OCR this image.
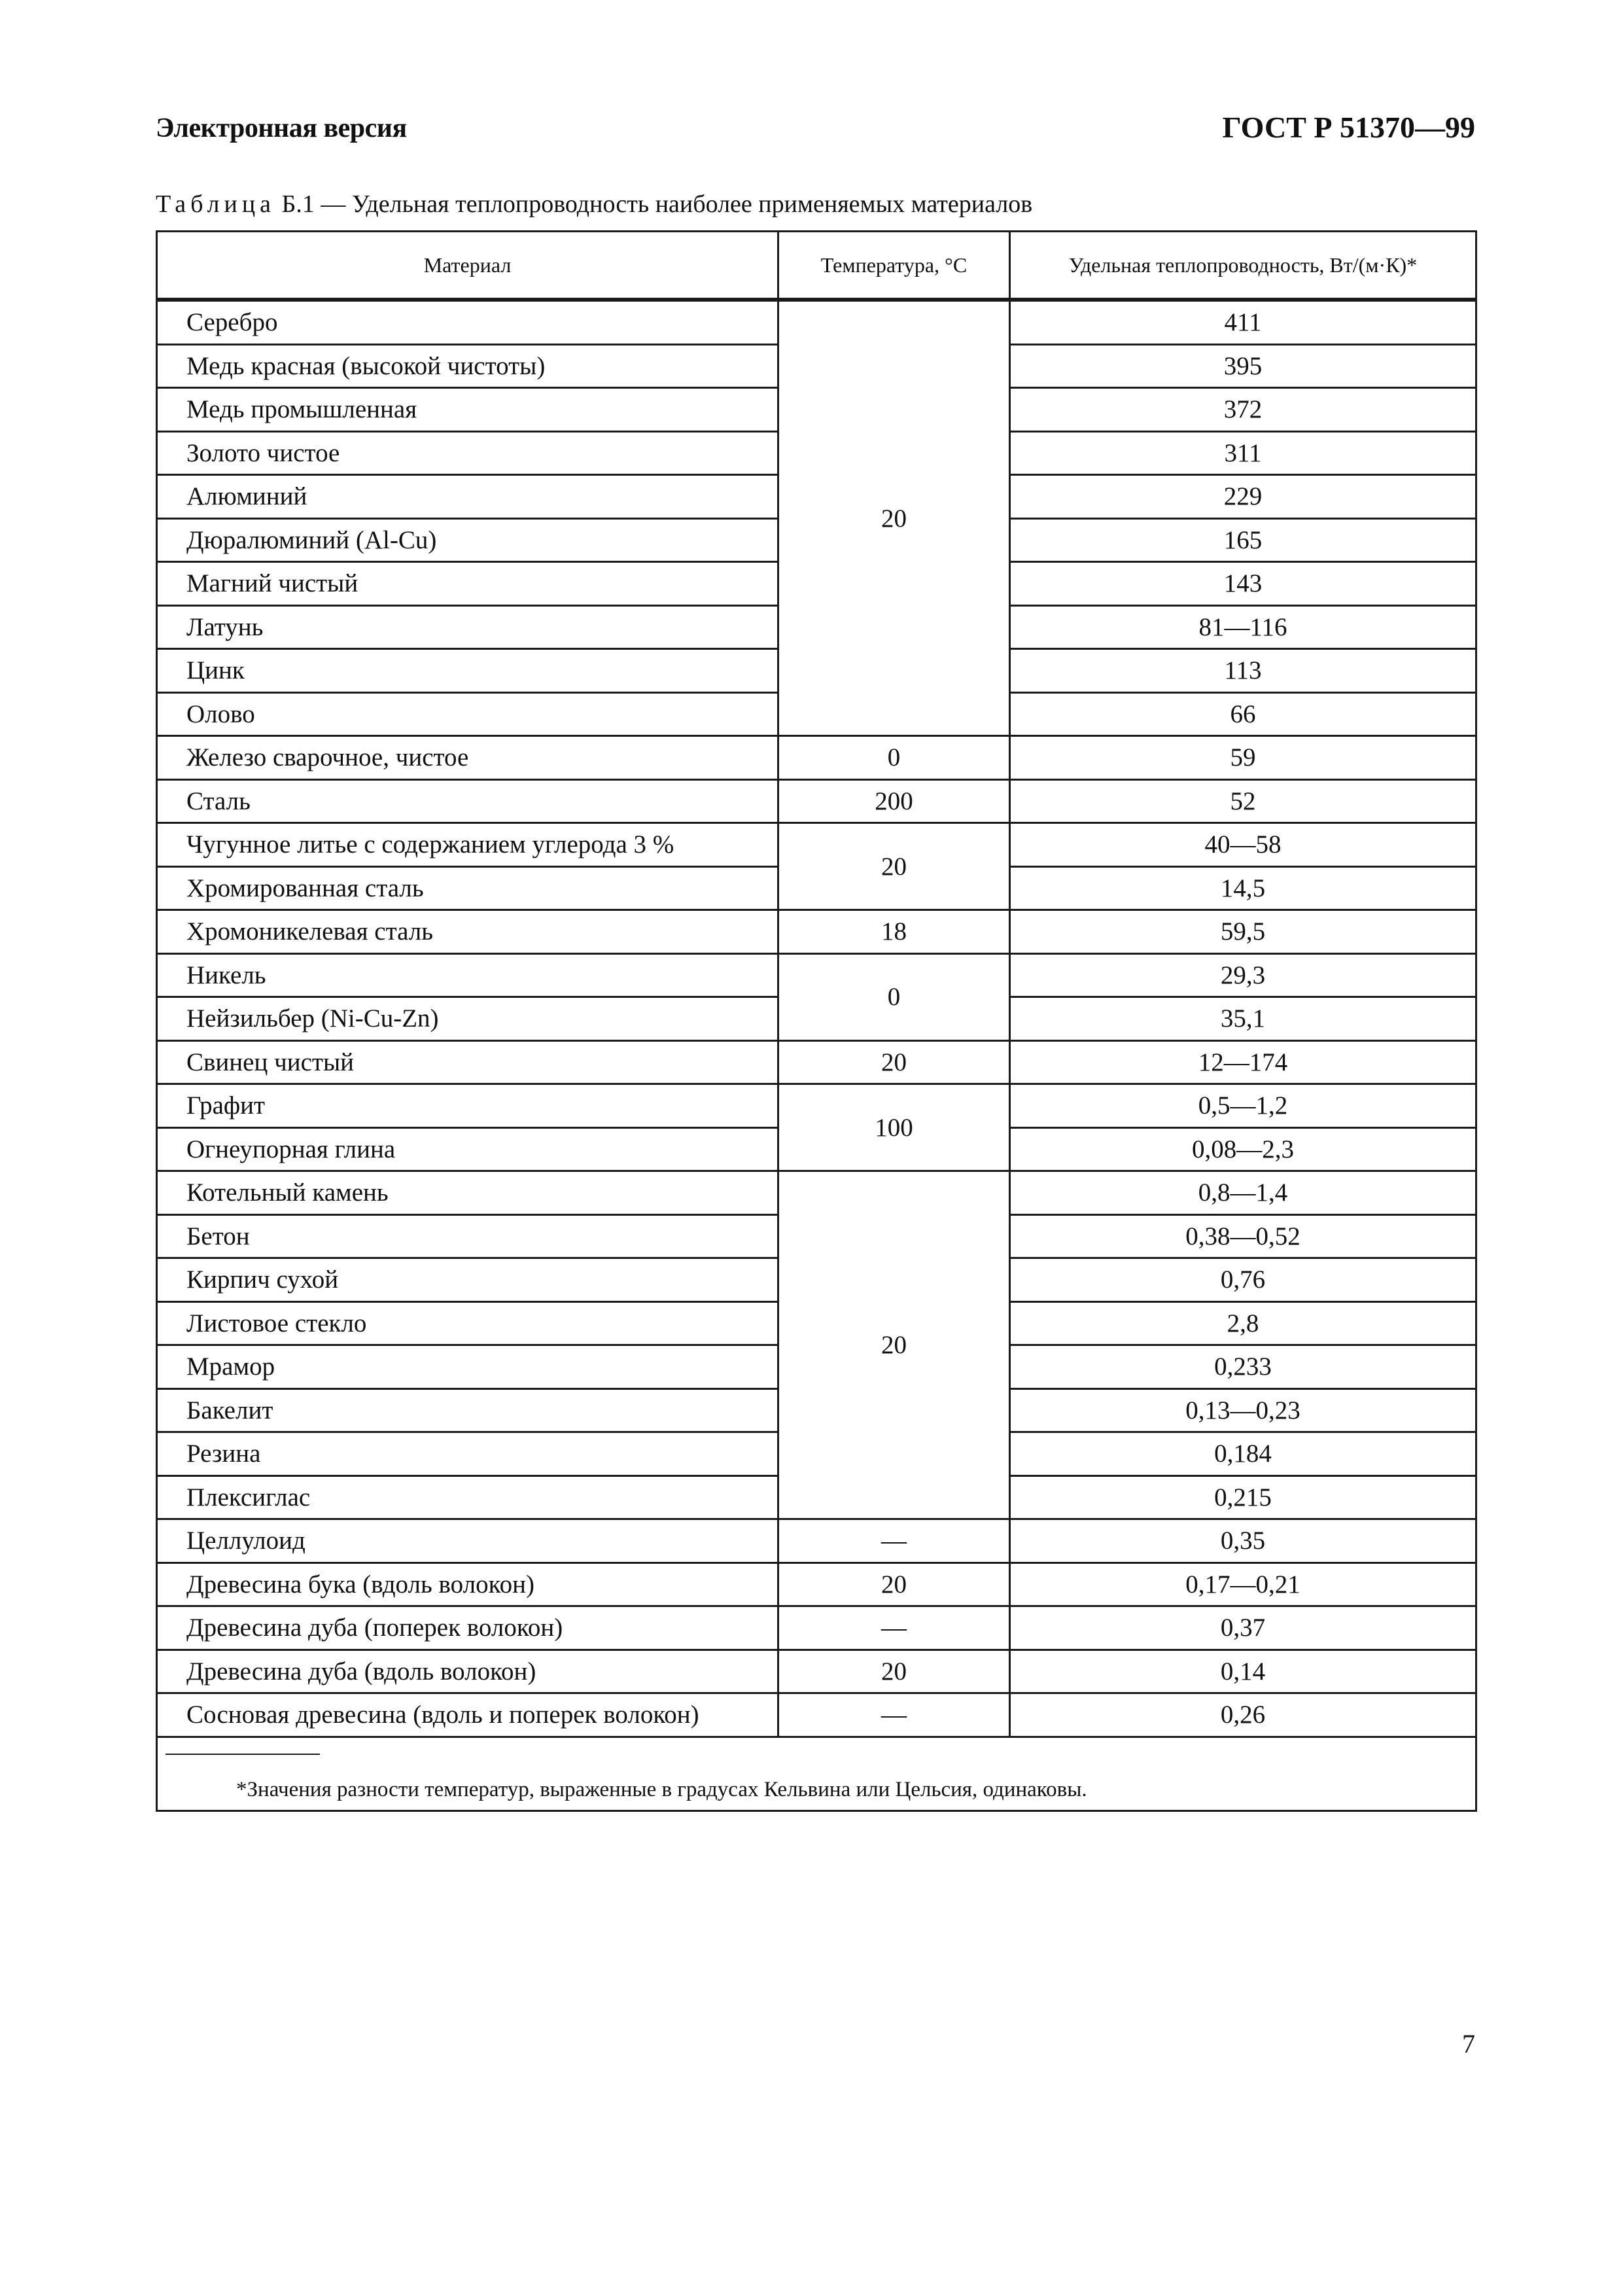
Электронная версия	ГОСТ Р 51370—99
Таблица Б.1 — Удельная теплопроводность наиболее применяемых материалов
Материал	Температура, °С	Удельная теплопроводность, Вт/(м·К)*
Серебро	20	411
Медь красная (высокой чистоты)		395
Медь промышленная		372
Золото чистое		311
Алюминий		229
Дюралюминий (Al-Cu)		165
Магний чистый		143
Латунь		81—116
Цинк		113
Олово		66
Железо сварочное, чистое	0	59
Сталь	200	52
Чугунное литье с содержанием углерода 3 %	20	40—58
Хромированная сталь		14,5
Хромоникелевая сталь	18	59,5
Никель	0	29,3
Нейзильбер (Ni-Cu-Zn)		35,1
Свинец чистый	20	12—174
Графит	100	0,5—1,2
Огнеупорная глина		0,08—2,3
Котельный камень	20	0,8—1,4
Бетон		0,38—0,52
Кирпич сухой		0,76
Листовое стекло		2,8
Мрамор		0,233
Бакелит		0,13—0,23
Резина		0,184
Плексиглас		0,215
Целлулоид	—	0,35
Древесина бука (вдоль волокон)	20	0,17—0,21
Древесина дуба (поперек волокон)	—	0,37
Древесина дуба (вдоль волокон)	20	0,14
Сосновая древесина (вдоль и поперек волокон)	—	0,26

*Значения разности температур, выраженные в градусах Кельвина или Цельсия, одинаковы.		
7
